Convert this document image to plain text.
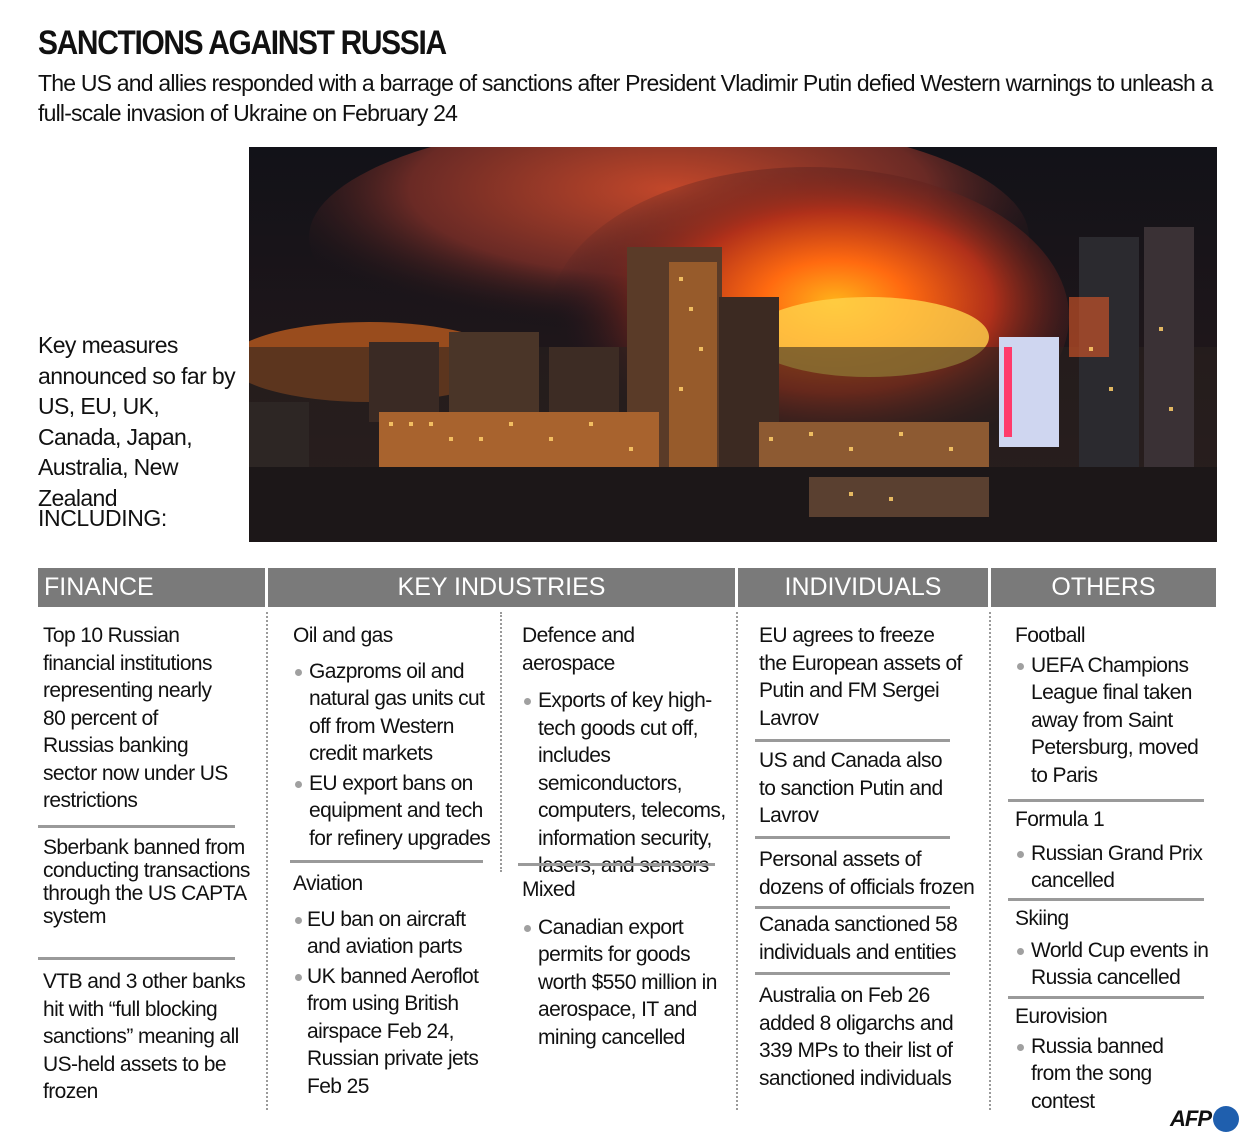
SANCTIONS AGAINST RUSSIA
The US and allies responded with a barrage of sanctions after President Vladimir Putin defied Western warnings to unleash a full-scale invasion of Ukraine on February 24
Key measures announced so far by US, EU, UK, Canada, Japan, Australia, New Zealand
INCLUDING:
FINANCE	KEY INDUSTRIES	INDIVIDUALS	OTHERS
Top 10 Russian financial institutions representing nearly 80 percent of Russias banking sector now under US restrictions
Sberbank banned from conducting transactions through the US CAPTA system
VTB and 3 other banks hit with “full blocking sanctions” meaning all US-held assets to be frozen
Oil and gas
Gazproms oil and natural gas units cut off from Western credit markets
EU export bans on equipment and tech for refinery upgrades
Aviation
EU ban on aircraft and aviation parts
UK banned Aeroflot from using British airspace Feb 24, Russian private jets Feb 25
Defence and aerospace
Exports of key high-tech goods cut off, includes semiconductors, computers, telecoms, information security,
Mixed
Canadian export permits for goods worth $550 million in aerospace, IT and mining cancelled
EU agrees to freeze the European assets of Putin and FM Sergei Lavrov
US and Canada also to sanction Putin and Lavrov
Personal assets of dozens of officials frozen
Canada sanctioned 58 individuals and entities
Australia on Feb 26 added 8 oligarchs and 339 MPs to their list of sanctioned individuals
Football
UEFA Champions League final taken away from Saint Petersburg, moved to Paris
Formula 1
Russian Grand Prix cancelled
Skiing
World Cup events in Russia cancelled
Eurovision
Russia banned from the song contest
AFP
